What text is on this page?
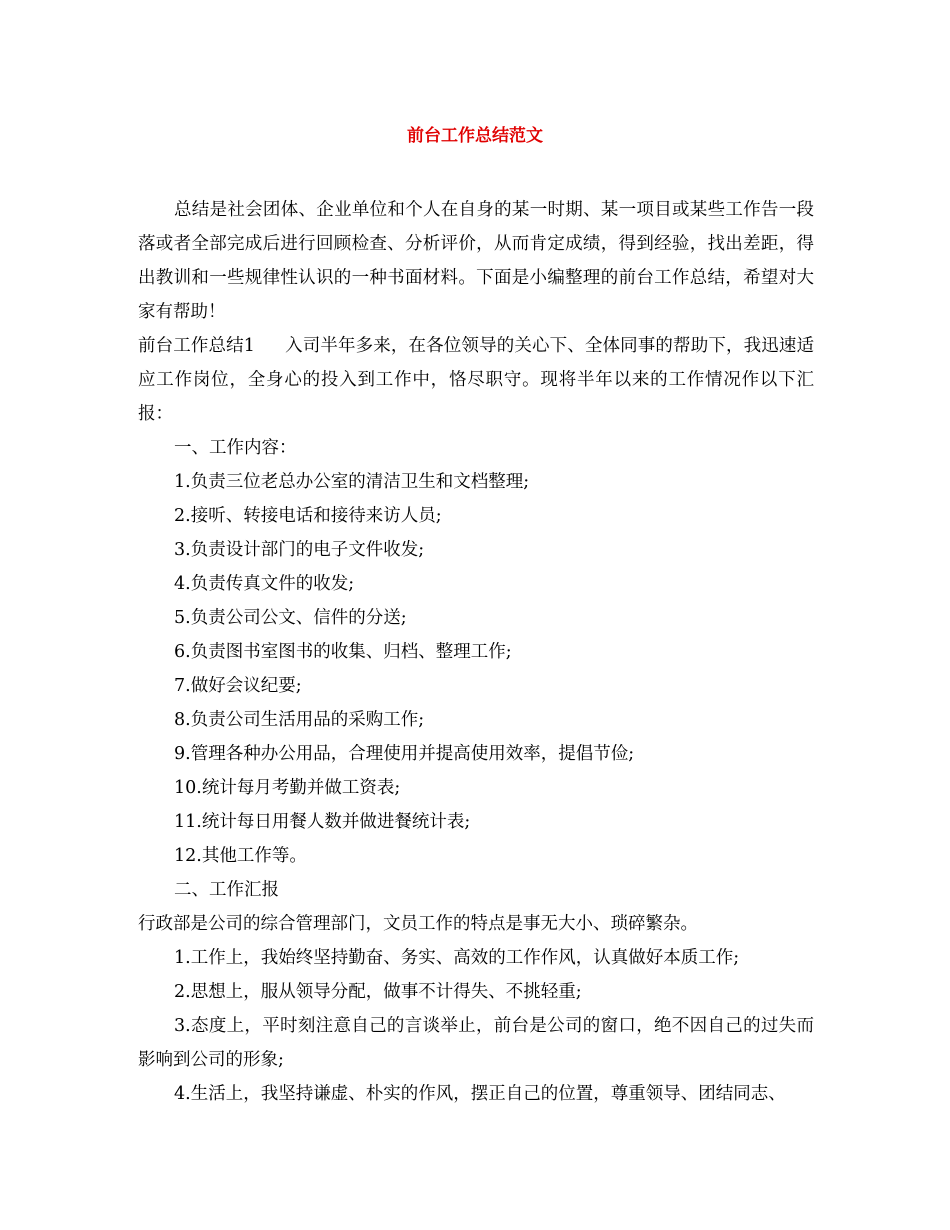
前台工作总结范文

总结是社会团体、企业单位和个人在自身的某一时期、某一项目或某些工作告一段落或者全部完成后进行回顾检查、分析评价，从而肯定成绩，得到经验，找出差距，得出教训和一些规律性认识的一种书面材料。下面是小编整理的前台工作总结，希望对大家有帮助！

前台工作总结1 入司半年多来，在各位领导的关心下、全体同事的帮助下，我迅速适应工作岗位，全身心的投入到工作中，恪尽职守。现将半年以来的工作情况作以下汇报：

一、工作内容：

1.负责三位老总办公室的清洁卫生和文档整理;

2.接听、转接电话和接待来访人员;

3.负责设计部门的电子文件收发;

4.负责传真文件的收发;

5.负责公司公文、信件的分送;

6.负责图书室图书的收集、归档、整理工作;

7.做好会议纪要;

8.负责公司生活用品的采购工作;

9.管理各种办公用品，合理使用并提高使用效率，提倡节俭;

10.统计每月考勤并做工资表;

11.统计每日用餐人数并做进餐统计表;

12.其他工作等。

二、工作汇报

行政部是公司的综合管理部门，文员工作的特点是事无大小、琐碎繁杂。

1.工作上，我始终坚持勤奋、务实、高效的工作作风，认真做好本质工作;

2.思想上，服从领导分配，做事不计得失、不挑轻重;

3.态度上，平时刻注意自己的言谈举止，前台是公司的窗口，绝不因自己的过失而影响到公司的形象;

4.生活上，我坚持谦虚、朴实的作风，摆正自己的位置，尊重领导、团结同志、
